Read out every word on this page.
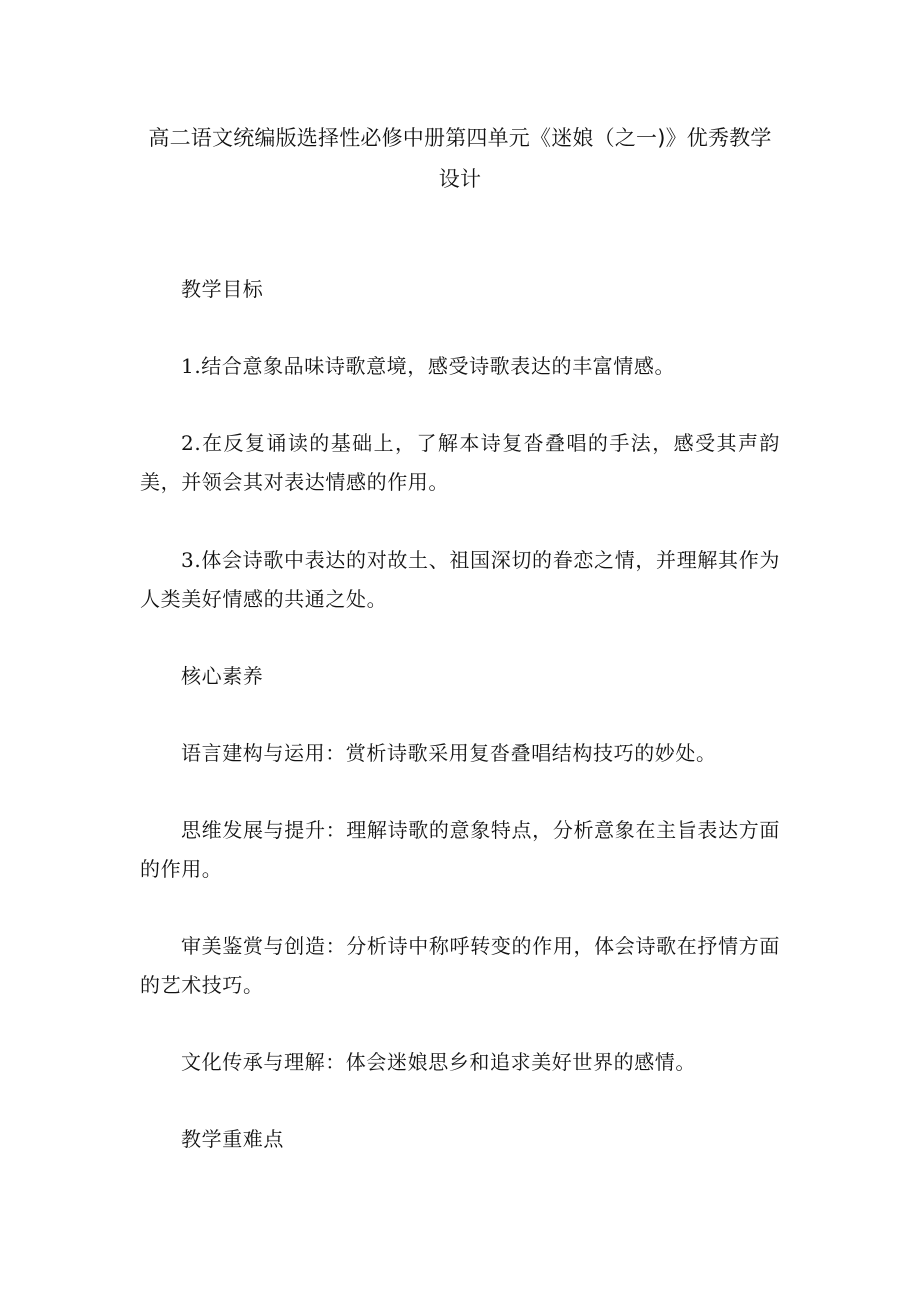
高二语文统编版选择性必修中册第四单元《迷娘（之一)》优秀教学
设计

教学目标

1.结合意象品味诗歌意境，感受诗歌表达的丰富情感。

2.在反复诵读的基础上，了解本诗复沓叠唱的手法，感受其声韵美，并领会其对表达情感的作用。

3.体会诗歌中表达的对故土、祖国深切的眷恋之情，并理解其作为人类美好情感的共通之处。

核心素养

语言建构与运用：赏析诗歌采用复沓叠唱结构技巧的妙处。

思维发展与提升：理解诗歌的意象特点，分析意象在主旨表达方面的作用。

审美鉴赏与创造：分析诗中称呼转变的作用，体会诗歌在抒情方面的艺术技巧。

文化传承与理解：体会迷娘思乡和追求美好世界的感情。

教学重难点
